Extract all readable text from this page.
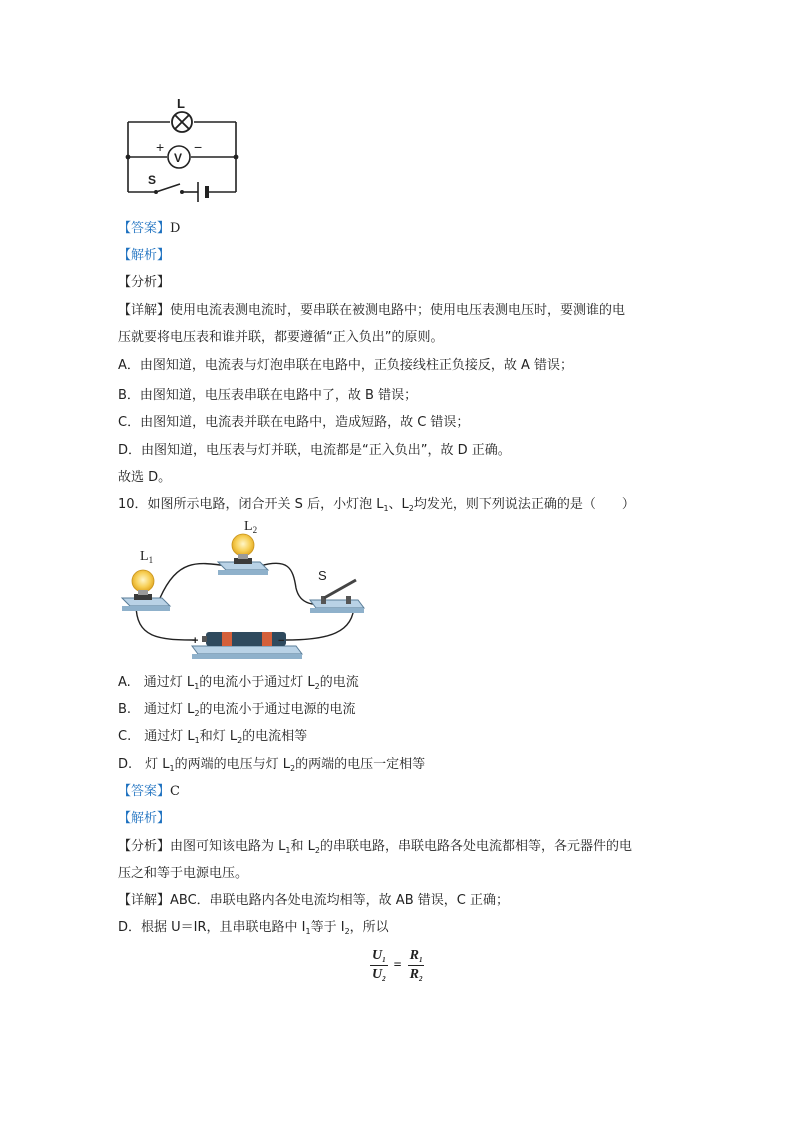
L
V
+ −
S
【答案】D
【解析】
【分析】
【详解】使用电流表测电流时，要串联在被测电路中；使用电压表测电压时，要测谁的电
压就要将电压表和谁并联，都要遵循“正入负出”的原则。
A．由图知道，电流表与灯泡串联在电路中，正负接线柱正负接反，故 A 错误；
B．由图知道，电压表串联在电路中了，故 B 错误；
C．由图知道，电流表并联在电路中，造成短路，故 C 错误；
D．由图知道，电压表与灯并联，电流都是“正入负出”，故 D 正确。
故选 D。
10．如图所示电路，闭合开关 S 后，小灯泡 $L_1$、$L_2$均发光，则下列说法正确的是（　　）
$L_1$
$L_2$
S
+	−
A.　通过灯 $L_1$的电流小于通过灯 $L_2$的电流
B.　通过灯 $L_2$的电流小于通过电源的电流
C.　通过灯 $L_1$和灯 $L_2$的电流相等
D.　灯 $L_1$的两端的电压与灯 $L_2$的两端的电压一定相等
【答案】C
【解析】
【分析】由图可知该电路为 $L_1$和 $L_2$的串联电路，串联电路各处电流都相等，各元器件的电
压之和等于电源电压。
【详解】ABC．串联电路内各处电流均相等，故 AB 错误，C 正确；
D．根据 U＝IR，且串联电路中 $I_1$等于 $I_2$，所以
$\frac{U_1}{U_2} = \frac{R_1}{R_2}$
